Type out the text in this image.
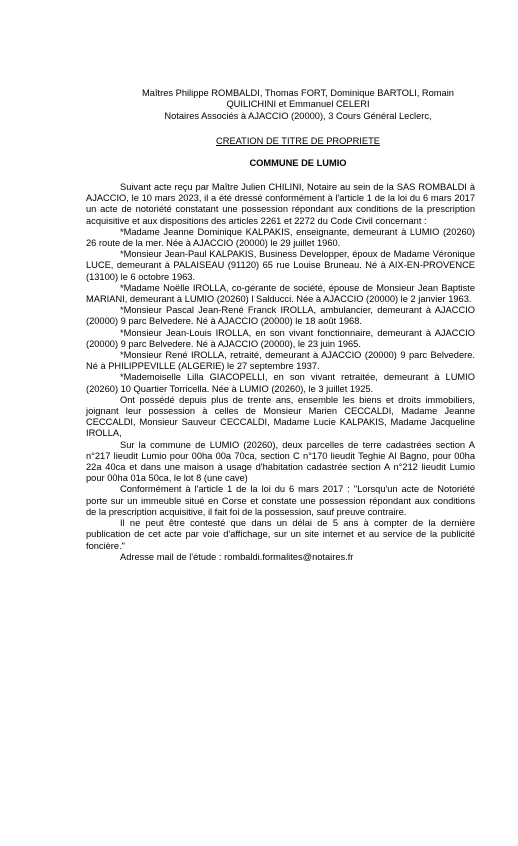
Maîtres Philippe ROMBALDI, Thomas FORT, Dominique BARTOLI, Romain
QUILICHINI et Emmanuel CELERI
Notaires Associés à AJACCIO (20000), 3 Cours Général Leclerc,
CREATION DE TITRE DE PROPRIETE
COMMUNE DE LUMIO

Suivant acte reçu par Maître Julien CHILINI, Notaire au sein de la SAS ROMBALDI à AJACCIO, le 10 mars 2023, il a été dressé conformément à l'article 1 de la loi du 6 mars 2017 un acte de notoriété constatant une possession répondant aux conditions de la prescription acquisitive et aux dispositions des articles 2261 et 2272 du Code Civil concernant :

*Madame Jeanne Dominique KALPAKIS, enseignante, demeurant à LUMIO (20260) 26 route de la mer. Née à AJACCIO (20000) le 29 juillet 1960.

*Monsieur Jean-Paul KALPAKIS, Business Developper, époux de Madame Véronique LUCE, demeurant à PALAISEAU (91120) 65 rue Louise Bruneau. Né à AIX-EN-PROVENCE (13100) le 6 octobre 1963.

*Madame Noëlle IROLLA, co-gérante de société, épouse de Monsieur Jean Baptiste MARIANI, demeurant à LUMIO (20260) l Salducci. Née à AJACCIO (20000) le 2 janvier 1963.

*Monsieur Pascal Jean-René Franck IROLLA, ambulancier, demeurant à AJACCIO (20000) 9 parc Belvedere. Né à AJACCIO (20000) le 18 août 1968.

*Monsieur Jean-Louis IROLLA, en son vivant fonctionnaire, demeurant à AJACCIO (20000) 9 parc Belvedere. Né à AJACCIO (20000), le 23 juin 1965.

*Monsieur René IROLLA, retraité, demeurant à AJACCIO (20000) 9 parc Belvedere. Né à PHILIPPEVILLE (ALGERIE) le 27 septembre 1937.

*Mademoiselle Lilla GIACOPELLI, en son vivant retraitée, demeurant à LUMIO (20260) 10 Quartier Torricella. Née à LUMIO (20260), le 3 juillet 1925.

Ont possédé depuis plus de trente ans, ensemble les biens et droits immobiliers, joignant leur possession à celles de Monsieur Marien CECCALDI, Madame Jeanne CECCALDI, Monsieur Sauveur CECCALDI, Madame Lucie KALPAKIS, Madame Jacqueline IROLLA,

Sur la commune de LUMIO (20260), deux parcelles de terre cadastrées section A n°217 lieudit Lumio pour 00ha 00a 70ca, section C n°170 lieudit Teghie Al Bagno, pour 00ha 22a 40ca et dans une maison à usage d'habitation cadastrée section A n°212 lieudit Lumio pour 00ha 01a 50ca, le lot 8 (une cave)

Conformément à l'article 1 de la loi du 6 mars 2017 : "Lorsqu'un acte de Notoriété porte sur un immeuble situé en Corse et constate une possession répondant aux conditions de la prescription acquisitive, il fait foi de la possession, sauf preuve contraire.

Il ne peut être contesté que dans un délai de 5 ans à compter de la dernière publication de cet acte par voie d'affichage, sur un site internet et au service de la publicité foncière."

Adresse mail de l'étude : rombaldi.formalites@notaires.fr
